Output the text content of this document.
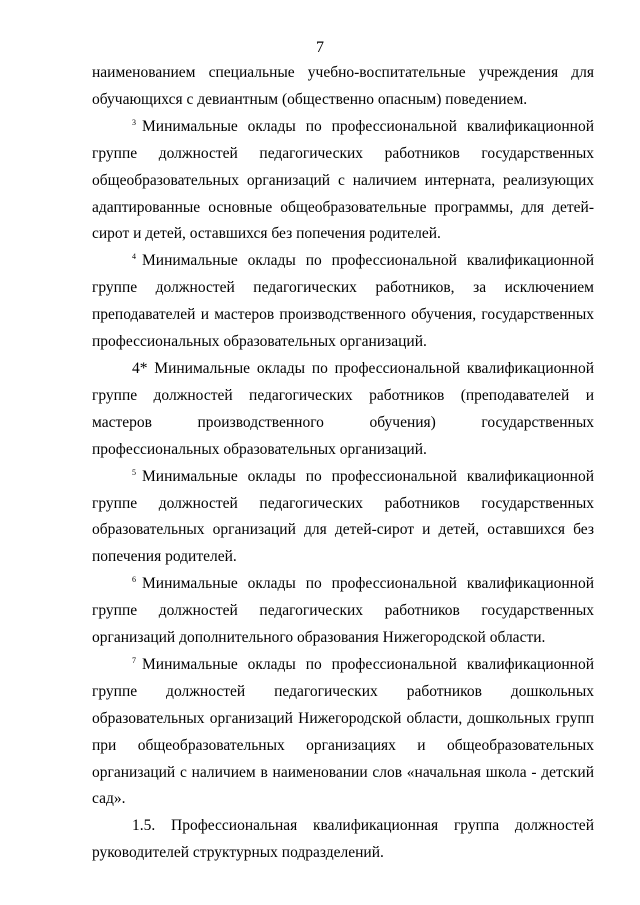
7

наименованием специальные учебно-воспитательные учреждения для обучающихся с девиантным (общественно опасным) поведением.

$^3$ Минимальные оклады по профессиональной квалификационной группе должностей педагогических работников государственных общеобразовательных организаций с наличием интерната, реализующих адаптированные основные общеобразовательные программы, для детей-сирот и детей, оставшихся без попечения родителей.

$^4$ Минимальные оклады по профессиональной квалификационной группе должностей педагогических работников, за исключением преподавателей и мастеров производственного обучения, государственных профессиональных образовательных организаций.

4* Минимальные оклады по профессиональной квалификационной группе должностей педагогических работников (преподавателей и мастеров производственного обучения) государственных профессиональных образовательных организаций.

$^5$ Минимальные оклады по профессиональной квалификационной группе должностей педагогических работников государственных образовательных организаций для детей-сирот и детей, оставшихся без попечения родителей.

$^6$ Минимальные оклады по профессиональной квалификационной группе должностей педагогических работников государственных организаций дополнительного образования Нижегородской области.

$^7$ Минимальные оклады по профессиональной квалификационной группе должностей педагогических работников дошкольных образовательных организаций Нижегородской области, дошкольных групп при общеобразовательных организациях и общеобразовательных организаций с наличием в наименовании слов «начальная школа - детский сад».

1.5. Профессиональная квалификационная группа должностей руководителей структурных подразделений.
